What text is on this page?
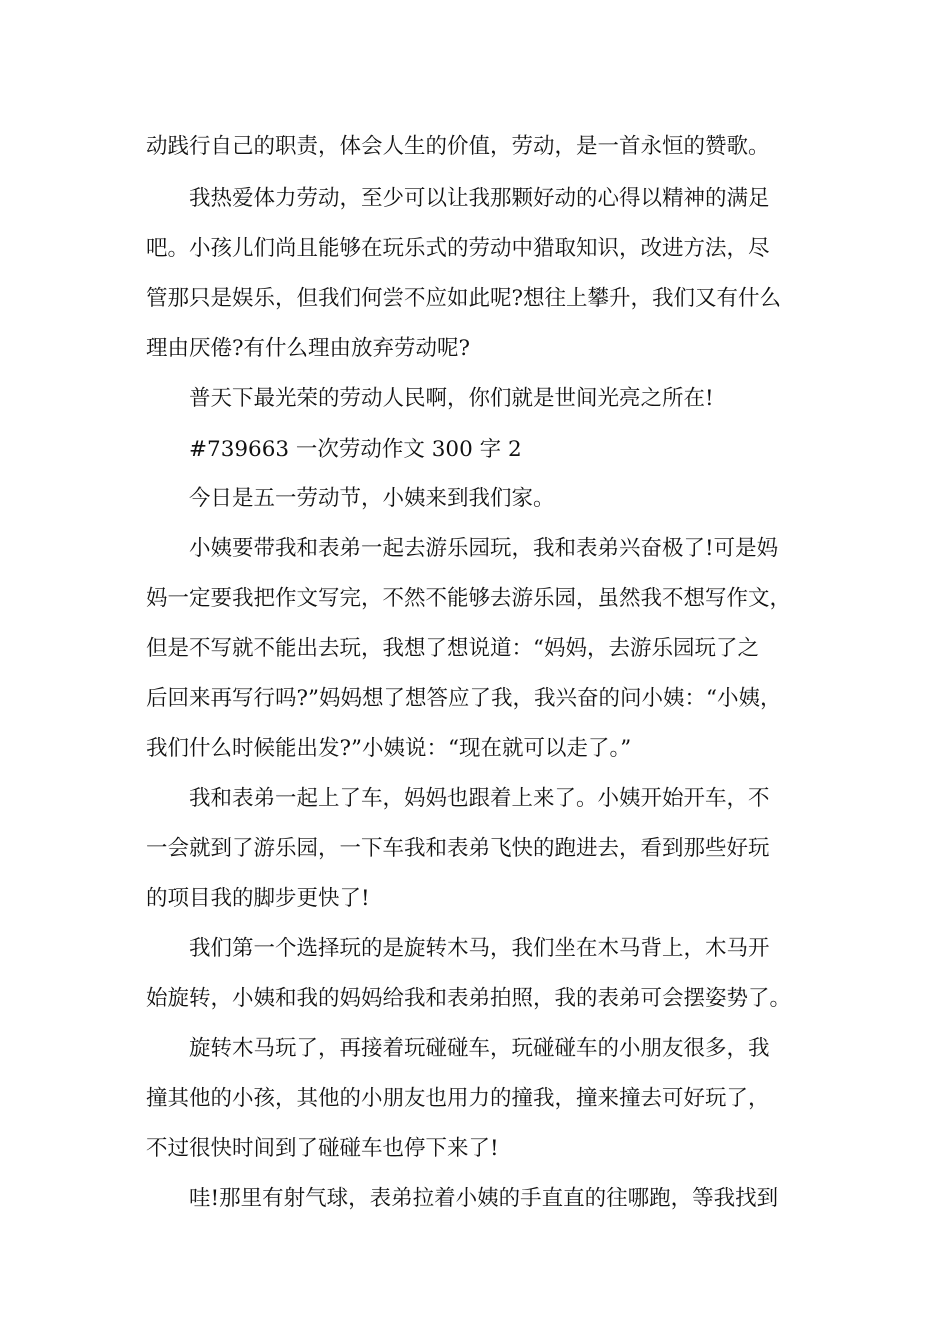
动践行自己的职责，体会人生的价值，劳动，是一首永恒的赞歌。
我热爱体力劳动，至少可以让我那颗好动的心得以精神的满足
吧。小孩儿们尚且能够在玩乐式的劳动中猎取知识，改进方法，尽
管那只是娱乐，但我们何尝不应如此呢?想往上攀升，我们又有什么
理由厌倦?有什么理由放弃劳动呢?
普天下最光荣的劳动人民啊，你们就是世间光亮之所在!
#739663 一次劳动作文 300 字 2
今日是五一劳动节，小姨来到我们家。
小姨要带我和表弟一起去游乐园玩，我和表弟兴奋极了!可是妈
妈一定要我把作文写完，不然不能够去游乐园，虽然我不想写作文，
但是不写就不能出去玩，我想了想说道：“妈妈，去游乐园玩了之
后回来再写行吗?”妈妈想了想答应了我，我兴奋的问小姨：“小姨，
我们什么时候能出发?”小姨说：“现在就可以走了。”
我和表弟一起上了车，妈妈也跟着上来了。小姨开始开车，不
一会就到了游乐园，一下车我和表弟飞快的跑进去，看到那些好玩
的项目我的脚步更快了!
我们第一个选择玩的是旋转木马，我们坐在木马背上，木马开
始旋转，小姨和我的妈妈给我和表弟拍照，我的表弟可会摆姿势了。
旋转木马玩了，再接着玩碰碰车，玩碰碰车的小朋友很多，我
撞其他的小孩，其他的小朋友也用力的撞我，撞来撞去可好玩了，
不过很快时间到了碰碰车也停下来了!
哇!那里有射气球，表弟拉着小姨的手直直的往哪跑，等我找到
